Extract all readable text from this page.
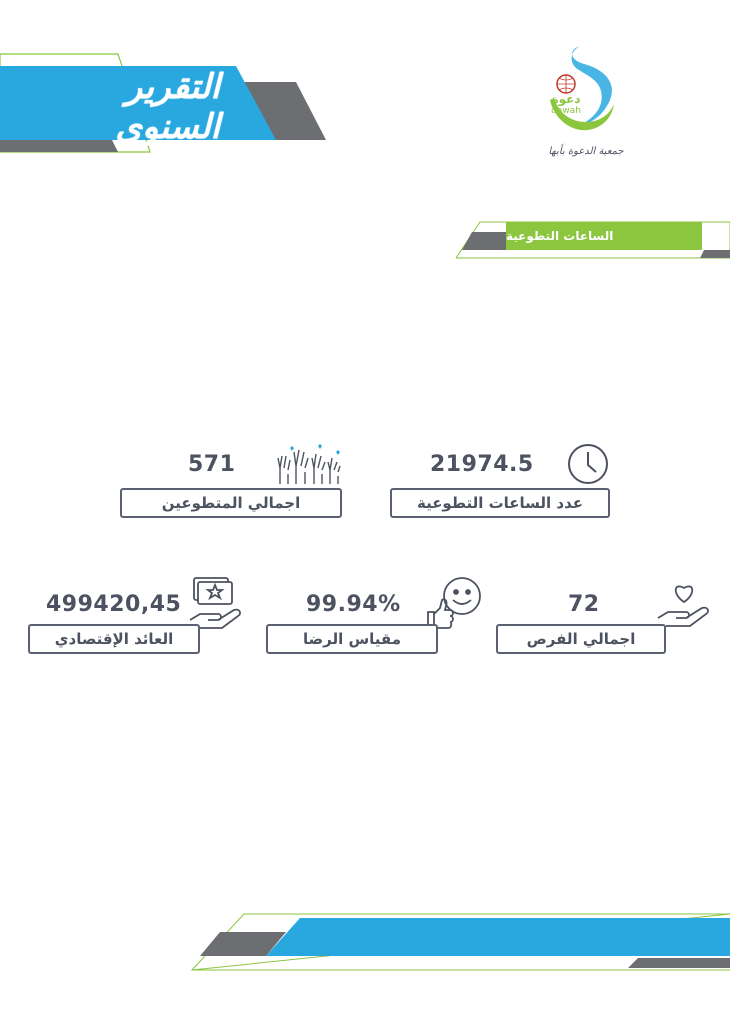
التقرير السنوي
دعوة
dawah
جمعية الدعوة بأبها
الساعات التطوعية
21974.5
عدد الساعات التطوعية
571
اجمالي المتطوعين
72
اجمالي الفرص
99.94%
مقياس الرضا
499420,45
العائد الإقتصادي
